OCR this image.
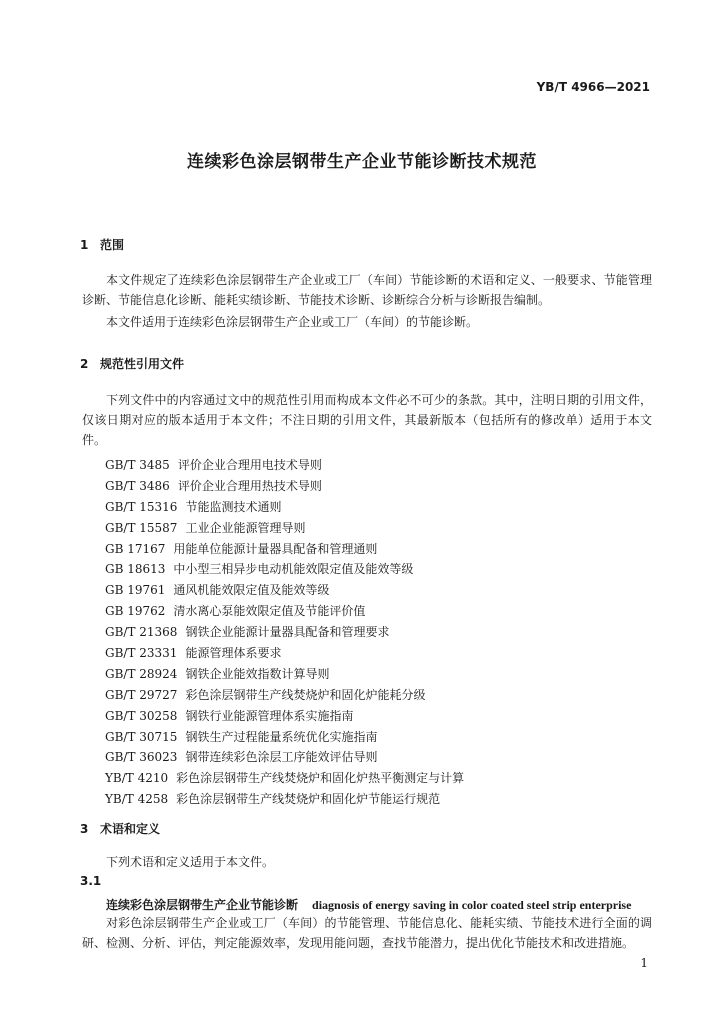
YB/T 4966—2021
连续彩色涂层钢带生产企业节能诊断技术规范
1 范围
本文件规定了连续彩色涂层钢带生产企业或工厂（车间）节能诊断的术语和定义、一般要求、节能管理诊断、节能信息化诊断、能耗实绩诊断、节能技术诊断、诊断综合分析与诊断报告编制。
本文件适用于连续彩色涂层钢带生产企业或工厂（车间）的节能诊断。
2 规范性引用文件
下列文件中的内容通过文中的规范性引用而构成本文件必不可少的条款。其中，注明日期的引用文件，仅该日期对应的版本适用于本文件；不注日期的引用文件，其最新版本（包括所有的修改单）适用于本文件。
GB/T 3485 评价企业合理用电技术导则
GB/T 3486 评价企业合理用热技术导则
GB/T 15316 节能监测技术通则
GB/T 15587 工业企业能源管理导则
GB 17167 用能单位能源计量器具配备和管理通则
GB 18613 中小型三相异步电动机能效限定值及能效等级
GB 19761 通风机能效限定值及能效等级
GB 19762 清水离心泵能效限定值及节能评价值
GB/T 21368 钢铁企业能源计量器具配备和管理要求
GB/T 23331 能源管理体系要求
GB/T 28924 钢铁企业能效指数计算导则
GB/T 29727 彩色涂层钢带生产线焚烧炉和固化炉能耗分级
GB/T 30258 钢铁行业能源管理体系实施指南
GB/T 30715 钢铁生产过程能量系统优化实施指南
GB/T 36023 钢带连续彩色涂层工序能效评估导则
YB/T 4210 彩色涂层钢带生产线焚烧炉和固化炉热平衡测定与计算
YB/T 4258 彩色涂层钢带生产线焚烧炉和固化炉节能运行规范
3 术语和定义
下列术语和定义适用于本文件。
3.1
连续彩色涂层钢带生产企业节能诊断 diagnosis of energy saving in color coated steel strip enterprise
对彩色涂层钢带生产企业或工厂（车间）的节能管理、节能信息化、能耗实绩、节能技术进行全面的调研、检测、分析、评估，判定能源效率，发现用能问题，查找节能潜力，提出优化节能技术和改进措施。
1
